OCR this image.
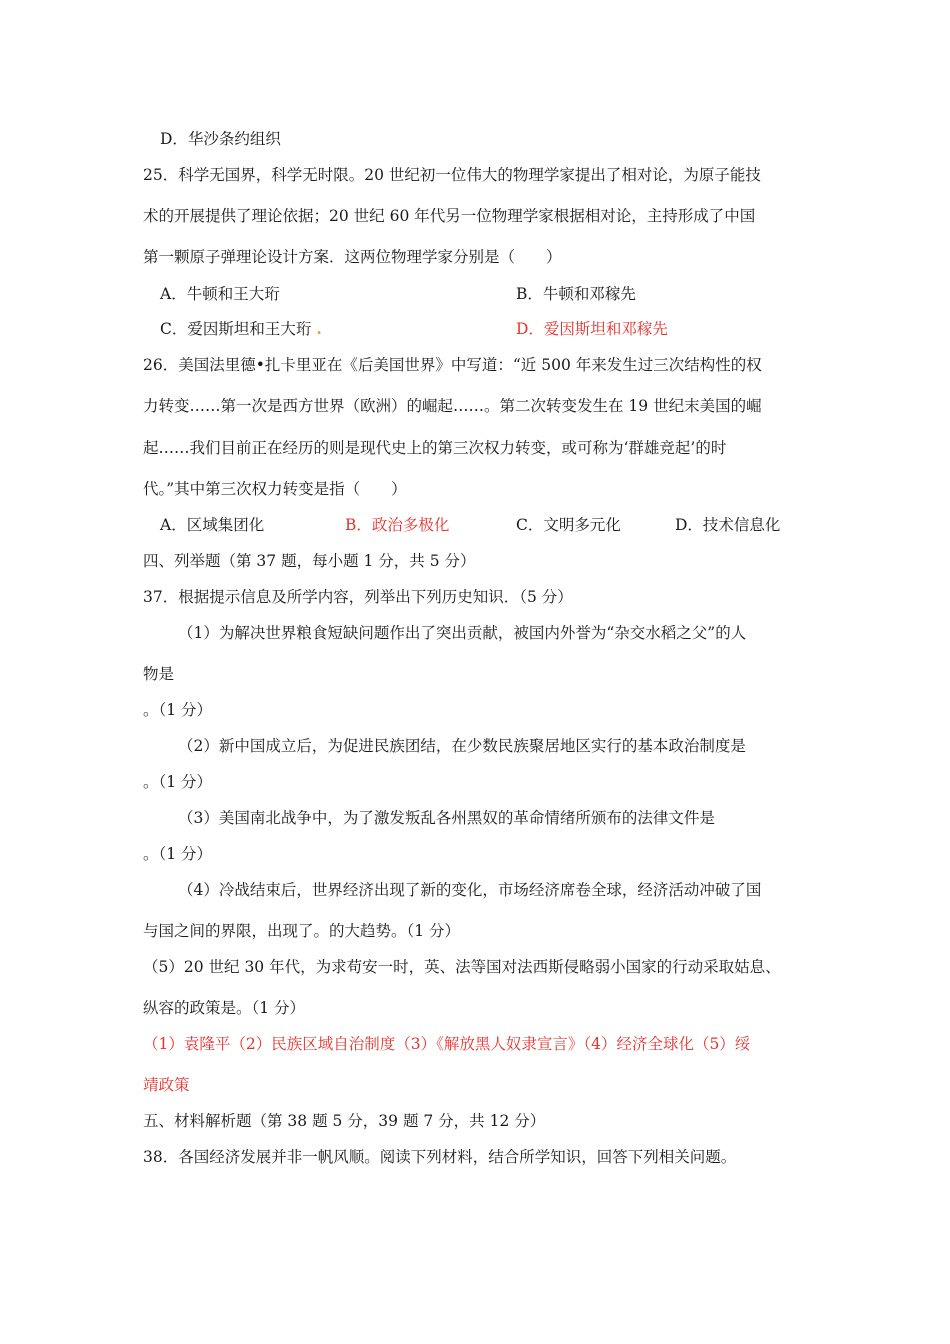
D．华沙条约组织
25．科学无国界，科学无时限。20 世纪初一位伟大的物理学家提出了相对论，为原子能技
术的开展提供了理论依据；20 世纪 60 年代另一位物理学家根据相对论，主持形成了中国
第一颗原子弹理论设计方案．这两位物理学家分别是（　　）
A．牛顿和王大珩	B．牛顿和邓稼先
C．爱因斯坦和王大珩 .	D．爱因斯坦和邓稼先
26．美国法里德•扎卡里亚在《后美国世界》中写道：“近 500 年来发生过三次结构性的权
力转变……第一次是西方世界（欧洲）的崛起……。第二次转变发生在 19 世纪末美国的崛
起……我们目前正在经历的则是现代史上的第三次权力转变，或可称为‘群雄竞起’的时
代。”其中第三次权力转变是指（　　）
A．区域集团化	B．政治多极化	C．文明多元化	D．技术信息化
四、列举题（第 37 题，每小题 1 分，共 5 分）
37．根据提示信息及所学内容，列举出下列历史知识．（5 分）
（1）为解决世界粮食短缺问题作出了突出贡献，被国内外誉为“杂交水稻之父”的人
物是
。（1 分）
（2）新中国成立后，为促进民族团结，在少数民族聚居地区实行的基本政治制度是
。（1 分）
（3）美国南北战争中，为了激发叛乱各州黑奴的革命情绪所颁布的法律文件是
。（1 分）
（4）冷战结束后，世界经济出现了新的变化，市场经济席卷全球，经济活动冲破了国
与国之间的界限，出现了。的大趋势。（1 分）
（5）20 世纪 30 年代，为求苟安一时，英、法等国对法西斯侵略弱小国家的行动采取姑息、
纵容的政策是。（1 分）
（1）袁隆平（2）民族区域自治制度（3）《解放黑人奴隶宣言》（4）经济全球化（5）绥
靖政策
五、材料解析题（第 38 题 5 分，39 题 7 分，共 12 分）
38．各国经济发展并非一帆风顺。阅读下列材料，结合所学知识，回答下列相关问题。
